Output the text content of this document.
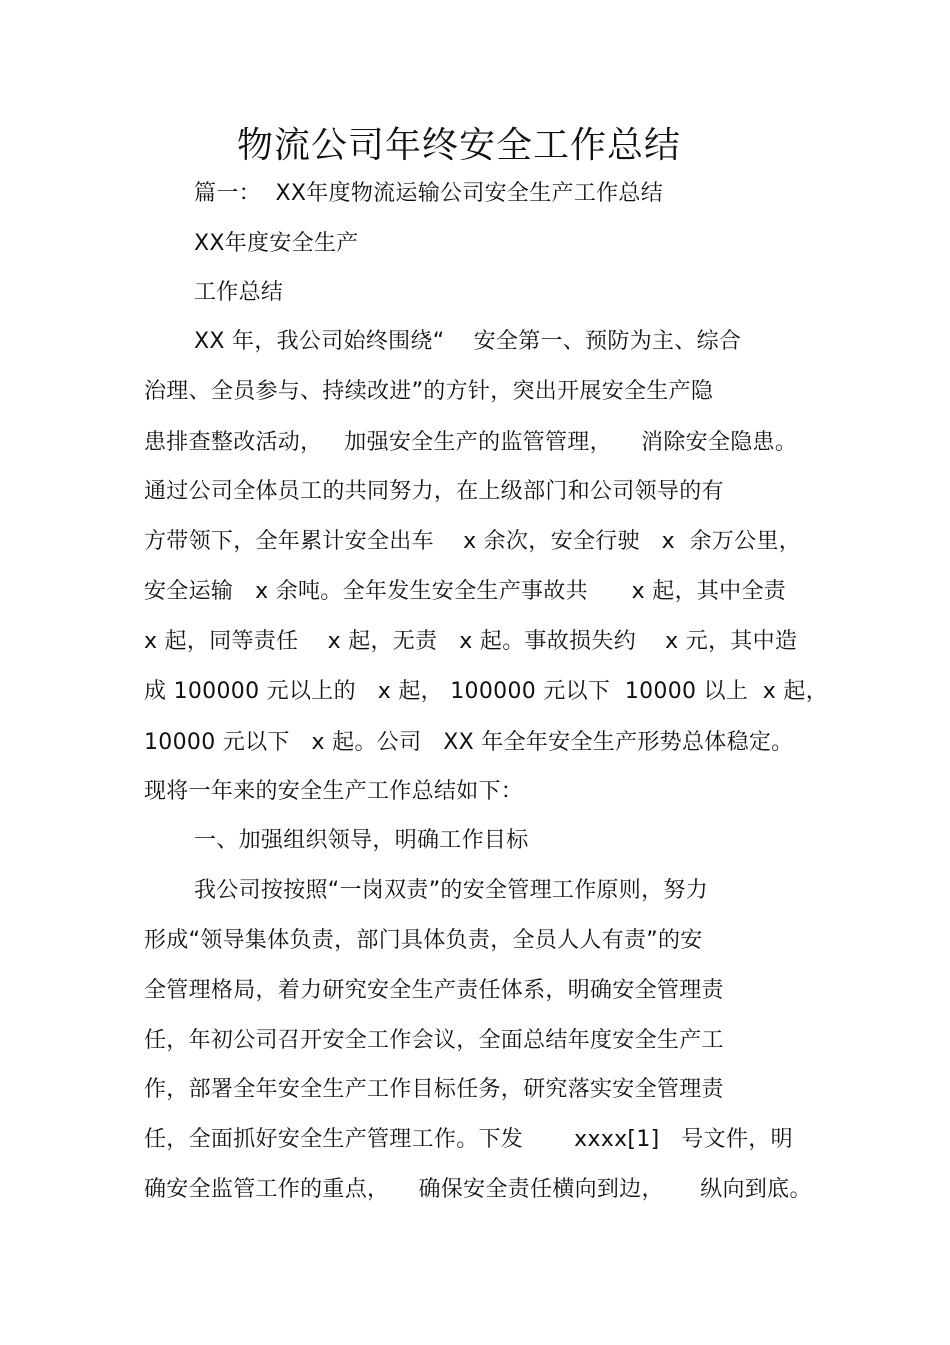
物流公司年终安全工作总结
篇一：  XX年度物流运输公司安全生产工作总结
XX年度安全生产
工作总结
XX 年，我公司始终围绕“    安全第一、预防为主、综合
治理、全员参与、持续改进”的方针，突出开展安全生产隐
患排查整改活动，   加强安全生产的监管管理，    消除安全隐患。
通过公司全体员工的共同努力，在上级部门和公司领导的有
方带领下，全年累计安全出车    x 余次，安全行驶   x  余万公里，
安全运输   x 余吨。全年发生安全生产事故共      x 起，其中全责
x 起，同等责任    x 起，无责   x 起。事故损失约    x 元，其中造
成 100000 元以上的   x 起， 100000 元以下  10000 以上  x 起，
10000 元以下   x 起。公司   XX 年全年安全生产形势总体稳定。
现将一年来的安全生产工作总结如下：
一、加强组织领导，明确工作目标
我公司按按照“一岗双责”的安全管理工作原则，努力
形成“领导集体负责，部门具体负责，全员人人有责”的安
全管理格局，着力研究安全生产责任体系，明确安全管理责
任，年初公司召开安全工作会议，全面总结年度安全生产工
作，部署全年安全生产工作目标任务，研究落实安全管理责
任，全面抓好安全生产管理工作。下发       xxxx[1]   号文件，明
确安全监管工作的重点，    确保安全责任横向到边，     纵向到底。
